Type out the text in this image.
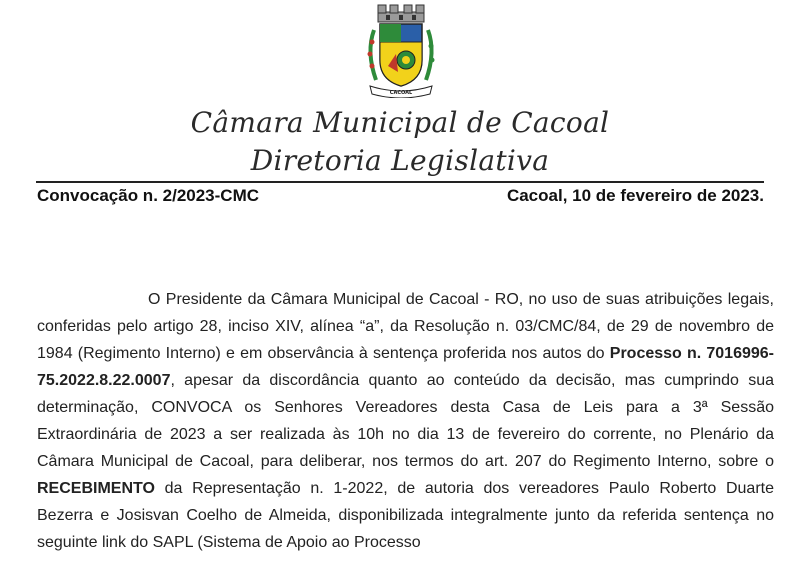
CACOAL
Câmara Municipal de Cacoal
Diretoria Legislativa
Convocação n. 2/2023-CMC	Cacoal, 10 de fevereiro de 2023.

O Presidente da Câmara Municipal de Cacoal - RO, no uso de suas atribuições legais, conferidas pelo artigo 28, inciso XIV, alínea “a”, da Resolução n. 03/CMC/84, de 29 de novembro de 1984 (Regimento Interno) e em observância à sentença proferida nos autos do Processo n. 7016996-75.2022.8.22.0007, apesar da discordância quanto ao conteúdo da decisão, mas cumprindo sua determinação, CONVOCA os Senhores Vereadores desta Casa de Leis para a 3ª Sessão Extraordinária de 2023 a ser realizada às 10h no dia 13 de fevereiro do corrente, no Plenário da Câmara Municipal de Cacoal, para deliberar, nos termos do art. 207 do Regimento Interno, sobre o RECEBIMENTO da Representação n. 1-2022, de autoria dos vereadores Paulo Roberto Duarte Bezerra e Josisvan Coelho de Almeida, disponibilizada integralmente junto da referida sentença no seguinte link do SAPL (Sistema de Apoio ao Processo
